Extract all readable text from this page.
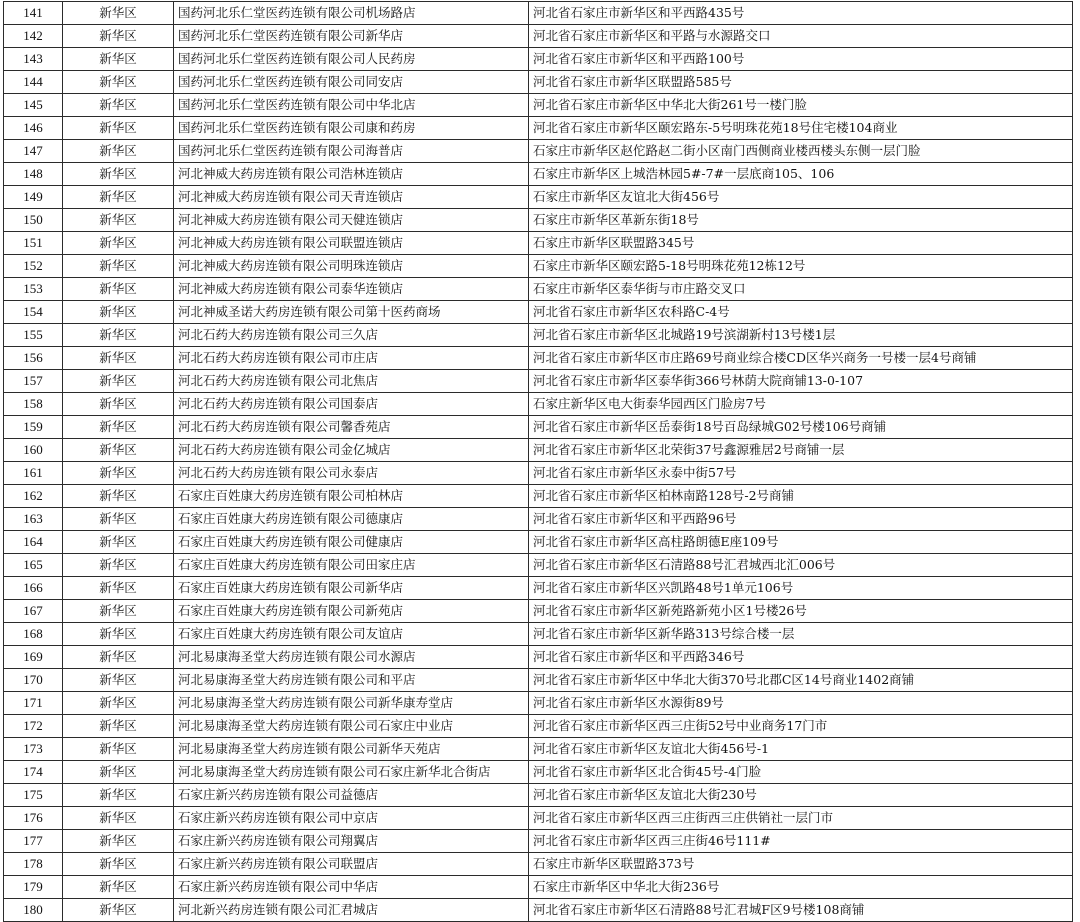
141	新华区	国药河北乐仁堂医药连锁有限公司机场路店	河北省石家庄市新华区和平西路435号
142	新华区	国药河北乐仁堂医药连锁有限公司新华店	河北省石家庄市新华区和平路与水源路交口
143	新华区	国药河北乐仁堂医药连锁有限公司人民药房	河北省石家庄市新华区和平西路100号
144	新华区	国药河北乐仁堂医药连锁有限公司同安店	河北省石家庄市新华区联盟路585号
145	新华区	国药河北乐仁堂医药连锁有限公司中华北店	河北省石家庄市新华区中华北大街261号一楼门脸
146	新华区	国药河北乐仁堂医药连锁有限公司康和药房	河北省石家庄市新华区颐宏路东-5号明珠花苑18号住宅楼104商业
147	新华区	国药河北乐仁堂医药连锁有限公司海普店	石家庄市新华区赵佗路赵二街小区南门西侧商业楼西楼头东侧一层门脸
148	新华区	河北神威大药房连锁有限公司浩林连锁店	石家庄市新华区上城浩林园5#-7#一层底商105、106
149	新华区	河北神威大药房连锁有限公司天青连锁店	石家庄市新华区友谊北大街456号
150	新华区	河北神威大药房连锁有限公司天健连锁店	石家庄市新华区革新东街18号
151	新华区	河北神威大药房连锁有限公司联盟连锁店	石家庄市新华区联盟路345号
152	新华区	河北神威大药房连锁有限公司明珠连锁店	石家庄市新华区颐宏路5-18号明珠花苑12栋12号
153	新华区	河北神威大药房连锁有限公司泰华连锁店	石家庄市新华区泰华街与市庄路交叉口
154	新华区	河北神威圣诺大药房连锁有限公司第十医药商场	河北省石家庄市新华区农科路C-4号
155	新华区	河北石药大药房连锁有限公司三久店	河北省石家庄市新华区北城路19号滨湖新村13号楼1层
156	新华区	河北石药大药房连锁有限公司市庄店	河北省石家庄市新华区市庄路69号商业综合楼CD区华兴商务一号楼一层4号商铺
157	新华区	河北石药大药房连锁有限公司北焦店	河北省石家庄市新华区泰华街366号林荫大院商铺13-0-107
158	新华区	河北石药大药房连锁有限公司国泰店	石家庄新华区电大街泰华园西区门脸房7号
159	新华区	河北石药大药房连锁有限公司馨香苑店	河北省石家庄市新华区岳泰街18号百岛绿城G02号楼106号商铺
160	新华区	河北石药大药房连锁有限公司金亿城店	河北省石家庄市新华区北荣街37号鑫源雅居2号商铺一层
161	新华区	河北石药大药房连锁有限公司永泰店	河北省石家庄市新华区永泰中街57号
162	新华区	石家庄百姓康大药房连锁有限公司柏林店	河北省石家庄市新华区柏林南路128号-2号商铺
163	新华区	石家庄百姓康大药房连锁有限公司德康店	河北省石家庄市新华区和平西路96号
164	新华区	石家庄百姓康大药房连锁有限公司健康店	河北省石家庄市新华区高柱路朗德E座109号
165	新华区	石家庄百姓康大药房连锁有限公司田家庄店	河北省石家庄市新华区石清路88号汇君城西北汇006号
166	新华区	石家庄百姓康大药房连锁有限公司新华店	河北省石家庄市新华区兴凯路48号1单元106号
167	新华区	石家庄百姓康大药房连锁有限公司新苑店	河北省石家庄市新华区新苑路新苑小区1号楼26号
168	新华区	石家庄百姓康大药房连锁有限公司友谊店	河北省石家庄市新华区新华路313号综合楼一层
169	新华区	河北易康海圣堂大药房连锁有限公司水源店	河北省石家庄市新华区和平西路346号
170	新华区	河北易康海圣堂大药房连锁有限公司和平店	河北省石家庄市新华区中华北大街370号北郡C区14号商业1402商铺
171	新华区	河北易康海圣堂大药房连锁有限公司新华康寿堂店	河北省石家庄市新华区水源街89号
172	新华区	河北易康海圣堂大药房连锁有限公司石家庄中业店	河北省石家庄市新华区西三庄街52号中业商务17门市
173	新华区	河北易康海圣堂大药房连锁有限公司新华天苑店	河北省石家庄市新华区友谊北大街456号-1
174	新华区	河北易康海圣堂大药房连锁有限公司石家庄新华北合街店	河北省石家庄市新华区北合街45号-4门脸
175	新华区	石家庄新兴药房连锁有限公司益德店	河北省石家庄市新华区友谊北大街230号
176	新华区	石家庄新兴药房连锁有限公司中京店	河北省石家庄市新华区西三庄街西三庄供销社一层门市
177	新华区	石家庄新兴药房连锁有限公司翔翼店	河北省石家庄市新华区西三庄街46号111#
178	新华区	石家庄新兴药房连锁有限公司联盟店	石家庄市新华区联盟路373号
179	新华区	石家庄新兴药房连锁有限公司中华店	石家庄市新华区中华北大街236号
180	新华区	河北新兴药房连锁有限公司汇君城店	河北省石家庄市新华区石清路88号汇君城F区9号楼108商铺
